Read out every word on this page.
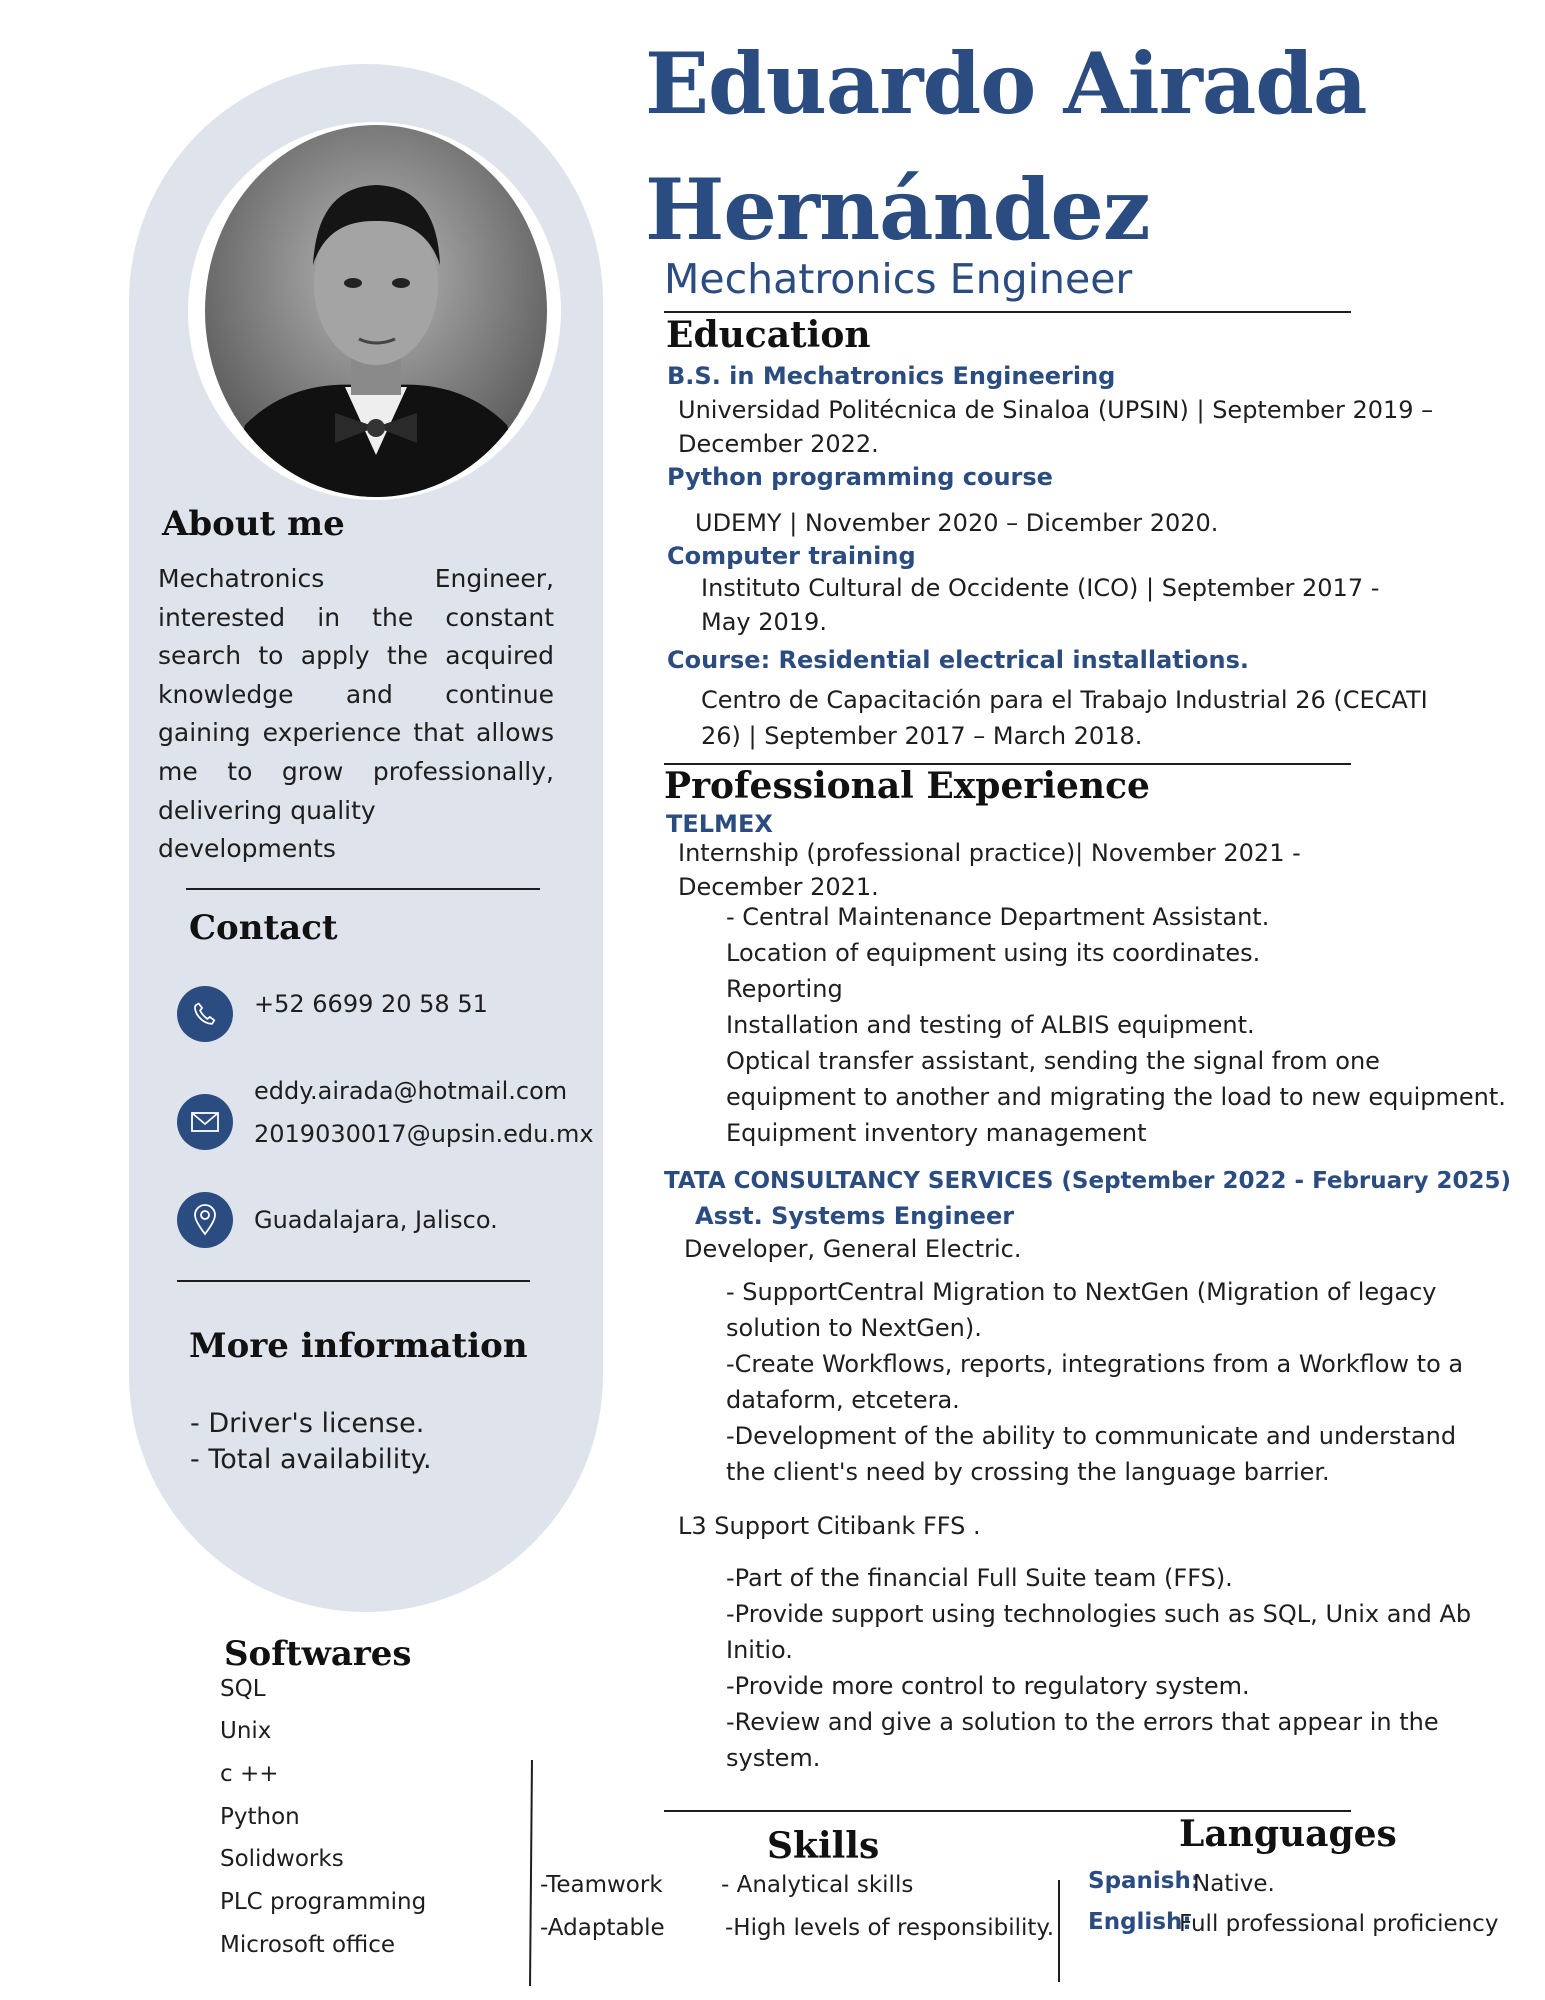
About me
Mechatronics Engineer, interested in the constant search to apply the acquired knowledge and continue gaining experience that allows me to grow professionally, delivering quality
developments
Contact
+52 6699 20 58 51
eddy.airada@hotmail.com
2019030017@upsin.edu.mx
Guadalajara, Jalisco.
More information
- Driver's license.
- Total availability.
Softwares
SQL
Unix
c ++
Python
Solidworks
PLC programming
Microsoft office
Eduardo Airada
Hernández
Mechatronics Engineer
Education
B.S. in Mechatronics Engineering
Universidad Politécnica de Sinaloa (UPSIN) | September 2019 –
December 2022.
Python programming course
UDEMY | November 2020 – Dicember 2020.
Computer training
Instituto Cultural de Occidente (ICO) | September 2017 -
May 2019.
Course: Residential electrical installations.
Centro de Capacitación para el Trabajo Industrial 26 (CECATI
26) | September 2017 – March 2018.
Professional Experience
TELMEX
Internship (professional practice)| November 2021 -
December 2021.
- Central Maintenance Department Assistant.
Location of equipment using its coordinates.
Reporting
Installation and testing of ALBIS equipment.
Optical transfer assistant, sending the signal from one
equipment to another and migrating the load to new equipment.
Equipment inventory management
TATA CONSULTANCY SERVICES (September 2022 - February 2025)
Asst. Systems Engineer
Developer, General Electric.
- SupportCentral Migration to NextGen (Migration of legacy
solution to NextGen).
-Create Workflows, reports, integrations from a Workflow to a
dataform, etcetera.
-Development of the ability to communicate and understand
the client's need by crossing the language barrier.
L3 Support Citibank FFS .
-Part of the financial Full Suite team (FFS).
-Provide support using technologies such as SQL, Unix and Ab
Initio.
-Provide more control to regulatory system.
-Review and give a solution to the errors that appear in the
system.
Skills
-Teamwork
-Adaptable
- Analytical skills
-High levels of responsibility.
Languages
Spanish:
Native.
English:
Full professional proficiency
